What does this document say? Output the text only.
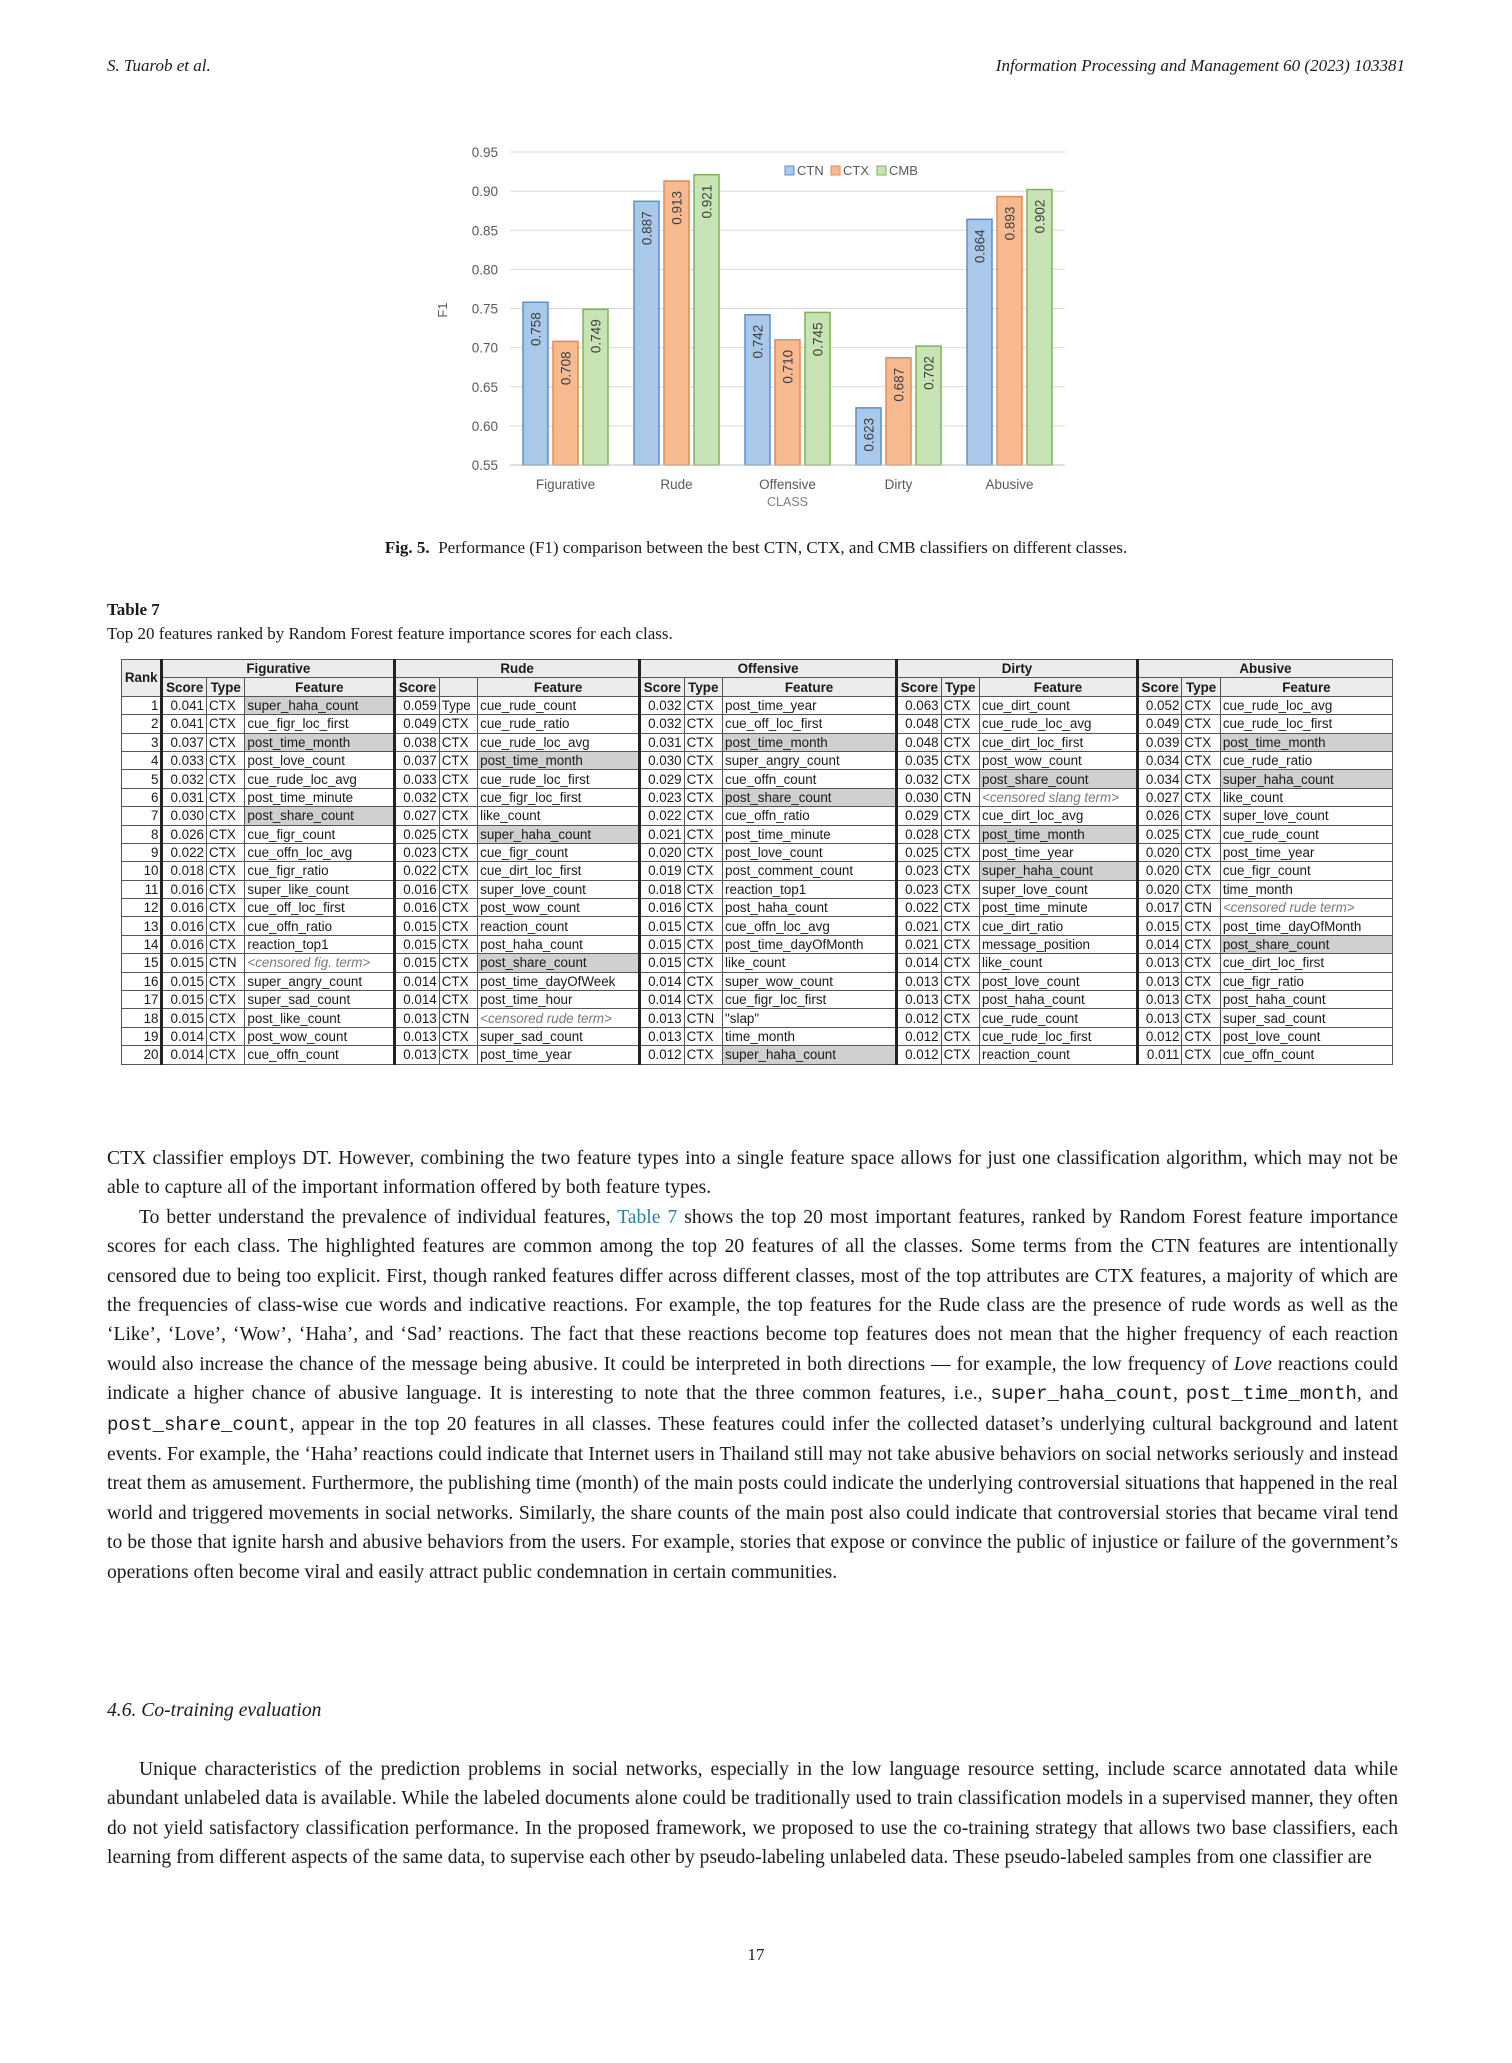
S. Tuarob et al.	Information Processing and Management 60 (2023) 103381
0.55
0.60
0.65
0.70
0.75
0.80
0.85
0.90
0.95
F1
0.758
0.708
0.749
Figurative
0.887
0.913 0.921
Rude
0.742
0.710
0.745
Offensive
0.623
0.687 0.702
Dirty
0.864
0.893 0.902
Abusive
CLASS
CTN CTX CMB
Fig. 5. Performance (F1) comparison between the best CTN, CTX, and CMB classifiers on different classes.
Table 7
Top 20 features ranked by Random Forest feature importance scores for each class.
Rank	Figurative			Rude			Offensive			Dirty			Abusive		
	Score	Type	Feature	Score		Feature	Score	Type	Feature	Score	Type	Feature	Score	Type	Feature
1	0.041	CTX	super_haha_count	0.059	Type	cue_rude_count	0.032	CTX	post_time_year	0.063	CTX	cue_dirt_count	0.052	CTX	cue_rude_loc_avg
2	0.041	CTX	cue_figr_loc_first	0.049	CTX	cue_rude_ratio	0.032	CTX	cue_off_loc_first	0.048	CTX	cue_rude_loc_avg	0.049	CTX	cue_rude_loc_first
3	0.037	CTX	post_time_month	0.038	CTX	cue_rude_loc_avg	0.031	CTX	post_time_month	0.048	CTX	cue_dirt_loc_first	0.039	CTX	post_time_month
4	0.033	CTX	post_love_count	0.037	CTX	post_time_month	0.030	CTX	super_angry_count	0.035	CTX	post_wow_count	0.034	CTX	cue_rude_ratio
5	0.032	CTX	cue_rude_loc_avg	0.033	CTX	cue_rude_loc_first	0.029	CTX	cue_offn_count	0.032	CTX	post_share_count	0.034	CTX	super_haha_count
6	0.031	CTX	post_time_minute	0.032	CTX	cue_figr_loc_first	0.023	CTX	post_share_count	0.030	CTN	<censored slang term>	0.027	CTX	like_count
7	0.030	CTX	post_share_count	0.027	CTX	like_count	0.022	CTX	cue_offn_ratio	0.029	CTX	cue_dirt_loc_avg	0.026	CTX	super_love_count
8	0.026	CTX	cue_figr_count	0.025	CTX	super_haha_count	0.021	CTX	post_time_minute	0.028	CTX	post_time_month	0.025	CTX	cue_rude_count
9	0.022	CTX	cue_offn_loc_avg	0.023	CTX	cue_figr_count	0.020	CTX	post_love_count	0.025	CTX	post_time_year	0.020	CTX	post_time_year
10	0.018	CTX	cue_figr_ratio	0.022	CTX	cue_dirt_loc_first	0.019	CTX	post_comment_count	0.023	CTX	super_haha_count	0.020	CTX	cue_figr_count
11	0.016	CTX	super_like_count	0.016	CTX	super_love_count	0.018	CTX	reaction_top1	0.023	CTX	super_love_count	0.020	CTX	time_month
12	0.016	CTX	cue_off_loc_first	0.016	CTX	post_wow_count	0.016	CTX	post_haha_count	0.022	CTX	post_time_minute	0.017	CTN	<censored rude term>
13	0.016	CTX	cue_offn_ratio	0.015	CTX	reaction_count	0.015	CTX	cue_offn_loc_avg	0.021	CTX	cue_dirt_ratio	0.015	CTX	post_time_dayOfMonth
14	0.016	CTX	reaction_top1	0.015	CTX	post_haha_count	0.015	CTX	post_time_dayOfMonth	0.021	CTX	message_position	0.014	CTX	post_share_count
15	0.015	CTN	<censored fig. term>	0.015	CTX	post_share_count	0.015	CTX	like_count	0.014	CTX	like_count	0.013	CTX	cue_dirt_loc_first
16	0.015	CTX	super_angry_count	0.014	CTX	post_time_dayOfWeek	0.014	CTX	super_wow_count	0.013	CTX	post_love_count	0.013	CTX	cue_figr_ratio
17	0.015	CTX	super_sad_count	0.014	CTX	post_time_hour	0.014	CTX	cue_figr_loc_first	0.013	CTX	post_haha_count	0.013	CTX	post_haha_count
18	0.015	CTX	post_like_count	0.013	CTN	<censored rude term>	0.013	CTN	"slap"	0.012	CTX	cue_rude_count	0.013	CTX	super_sad_count
19	0.014	CTX	post_wow_count	0.013	CTX	super_sad_count	0.013	CTX	time_month	0.012	CTX	cue_rude_loc_first	0.012	CTX	post_love_count
20	0.014	CTX	cue_offn_count	0.013	CTX	post_time_year	0.012	CTX	super_haha_count	0.012	CTX	reaction_count	0.011	CTX	cue_offn_count

CTX classifier employs DT. However, combining the two feature types into a single feature space allows for just one classification algorithm, which may not be able to capture all of the important information offered by both feature types.

To better understand the prevalence of individual features, Table 7 shows the top 20 most important features, ranked by Random Forest feature importance scores for each class. The highlighted features are common among the top 20 features of all the classes. Some terms from the CTN features are intentionally censored due to being too explicit. First, though ranked features differ across different classes, most of the top attributes are CTX features, a majority of which are the frequencies of class-wise cue words and indicative reactions. For example, the top features for the Rude class are the presence of rude words as well as the ‘Like’, ‘Love’, ‘Wow’, ‘Haha’, and ‘Sad’ reactions. The fact that these reactions become top features does not mean that the higher frequency of each reaction would also increase the chance of the message being abusive. It could be interpreted in both directions — for example, the low frequency of Love reactions could indicate a higher chance of abusive language. It is interesting to note that the three common features, i.e., super_haha_count, post_time_month, and post_share_count, appear in the top 20 features in all classes. These features could infer the collected dataset’s underlying cultural background and latent events. For example, the ‘Haha’ reactions could indicate that Internet users in Thailand still may not take abusive behaviors on social networks seriously and instead treat them as amusement. Furthermore, the publishing time (month) of the main posts could indicate the underlying controversial situations that happened in the real world and triggered movements in social networks. Similarly, the share counts of the main post also could indicate that controversial stories that became viral tend to be those that ignite harsh and abusive behaviors from the users. For example, stories that expose or convince the public of injustice or failure of the government’s operations often become viral and easily attract public condemnation in certain communities.

4.6. Co-training evaluation

Unique characteristics of the prediction problems in social networks, especially in the low language resource setting, include scarce annotated data while abundant unlabeled data is available. While the labeled documents alone could be traditionally used to train classification models in a supervised manner, they often do not yield satisfactory classification performance. In the proposed framework, we proposed to use the co-training strategy that allows two base classifiers, each learning from different aspects of the same data, to supervise each other by pseudo-labeling unlabeled data. These pseudo-labeled samples from one classifier are

17
